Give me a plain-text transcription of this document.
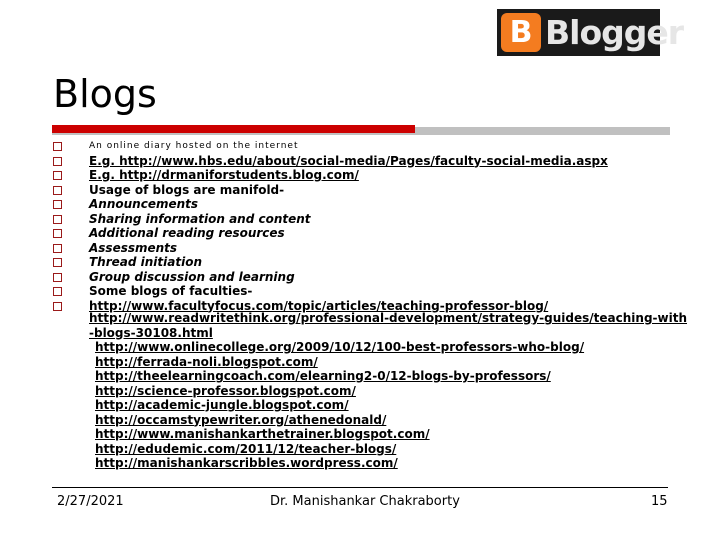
B Blogger
Blogs
An online diary hosted on the internet
E.g. http://www.hbs.edu/about/social-media/Pages/faculty-social-media.aspx
E.g. http://drmaniforstudents.blog.com/
Usage of blogs are manifold-
Announcements
Sharing information and content
Additional reading resources
Assessments
Thread initiation
Group discussion and learning
Some blogs of faculties-
http://www.facultyfocus.com/topic/articles/teaching-professor-blog/
http://www.readwritethink.org/professional-development/strategy-guides/teaching-with
-blogs-30108.html
http://www.onlinecollege.org/2009/10/12/100-best-professors-who-blog/
http://ferrada-noli.blogspot.com/
http://theelearningcoach.com/elearning2-0/12-blogs-by-professors/
http://science-professor.blogspot.com/
http://academic-jungle.blogspot.com/
http://occamstypewriter.org/athenedonald/
http://www.manishankarthetrainer.blogspot.com/
http://edudemic.com/2011/12/teacher-blogs/
http://manishankarscribbles.wordpress.com/
2/27/2021	Dr. Manishankar Chakraborty	15
